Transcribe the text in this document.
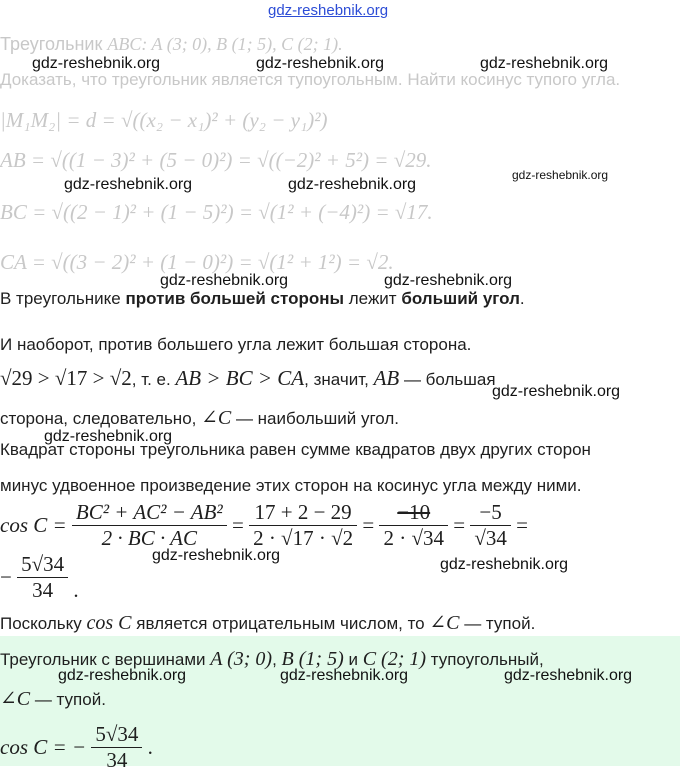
gdz-reshebnik.org
Треугольник ABC: A (3; 0), B (1; 5), C (2; 1).
Доказать, что треугольник является тупоугольным. Найти косинус тупого угла.
|M₁M₂| = d = √((x₂ − x₁)² + (y₂ − y₁)²)
AB = √((1 − 3)² + (5 − 0)²) = √((−2)² + 5²) = √29.
BC = √((2 − 1)² + (1 − 5)²) = √(1² + (−4)²) = √17.
CA = √((3 − 2)² + (1 − 0)²) = √(1² + 1²) = √2.
gdz-reshebnik.org	gdz-reshebnik.org	gdz-reshebnik.org
gdz-reshebnik.org	gdz-reshebnik.org
gdz-reshebnik.org
gdz-reshebnik.org	gdz-reshebnik.org
В треугольнике против большей стороны лежит больший угол.
И наоборот, против большего угла лежит большая сторона.
√29 > √17 > √2, т. е. AB > BC > CA, значит, AB — большая
gdz-reshebnik.org
сторона, следовательно, ∠C — наибольший угол.
Квадрат стороны треугольника равен сумме квадратов двух других сторон
gdz-reshebnik.org
минус удвоенное произведение этих сторон на косинус угла между ними.
$\cos C = \frac{\text{BC² + AC² − AB²}}{2 \cdot BC \cdot AC} = \frac{17 + 2 - 29}{2 \cdot √17 \cdot √2} = \frac{-10}{2 \cdot √34} = \frac{-5}{√34}$ =
gdz-reshebnik.org
gdz-reshebnik.org
− $\frac{5√34}{34}$ .
Поскольку cos C является отрицательным числом, то ∠C — тупой.
Треугольник с вершинами A (3; 0), B (1; 5) и C (2; 1) тупоугольный,
gdz-reshebnik.org	gdz-reshebnik.org	gdz-reshebnik.org
∠C — тупой.
cos C = − $\frac{5√34}{34}$ .
